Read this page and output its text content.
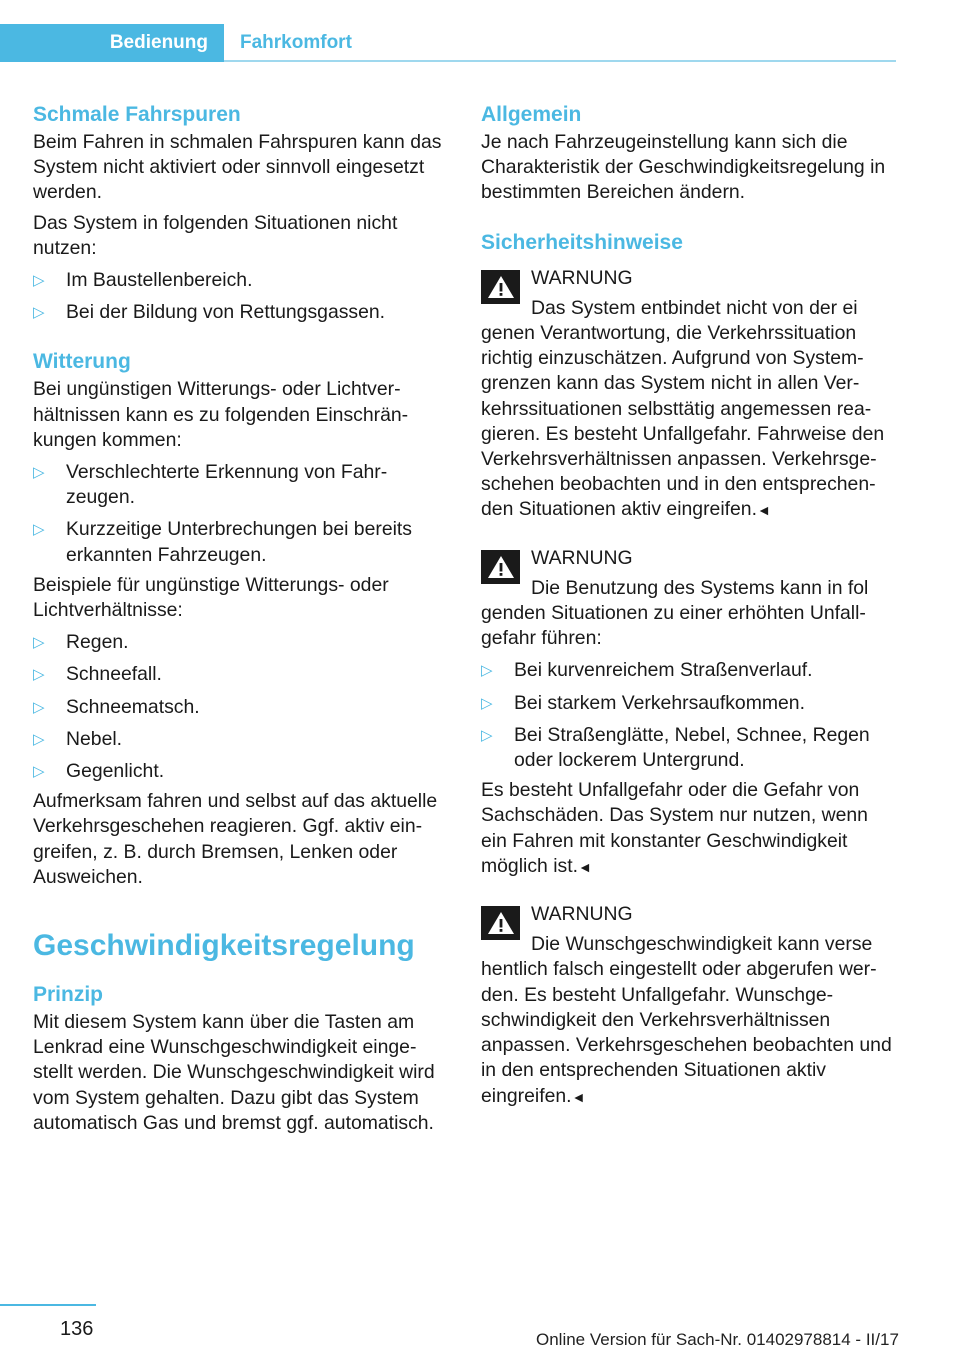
Bedienung Fahrkomfort
Schmale Fahrspuren

Beim Fahren in schmalen Fahrspuren kann das System nicht aktiviert oder sinnvoll eingesetzt werden.

Das System in folgenden Situationen nicht nutzen:

▷ Im Baustellenbereich.
▷ Bei der Bildung von Rettungsgassen.
Witterung

Bei ungünstigen Witterungs- oder Lichtverhältnissen kann es zu folgenden Einschränkungen kommen:

▷ Verschlechterte Erkennung von Fahrzeugen.
▷ Kurzzeitige Unterbrechungen bei bereits erkannten Fahrzeugen.

Beispiele für ungünstige Witterungs- oder Lichtverhältnisse:

▷ Regen.
▷ Schneefall.
▷ Schneematsch.
▷ Nebel.
▷ Gegenlicht.

Aufmerksam fahren und selbst auf das aktuelle Verkehrsgeschehen reagieren. Ggf. aktiv eingreifen, z. B. durch Bremsen, Lenken oder Ausweichen.

Geschwindigkeitsregelung
Prinzip

Mit diesem System kann über die Tasten am Lenkrad eine Wunschgeschwindigkeit eingestellt werden. Die Wunschgeschwindigkeit wird vom System gehalten. Dazu gibt das System automatisch Gas und bremst ggf. automatisch.

Allgemein

Je nach Fahrzeugeinstellung kann sich die Charakteristik der Geschwindigkeitsregelung in bestimmten Bereichen ändern.

Sicherheitshinweise
WARNUNG
Das System entbindet nicht von der ei
genen Verantwortung, die Verkehrssituation richtig einzuschätzen. Aufgrund von Systemgrenzen kann das System nicht in allen Verkehrssituationen selbsttätig angemessen reagieren. Es besteht Unfallgefahr. Fahrweise den Verkehrsverhältnissen anpassen. Verkehrsgeschehen beobachten und in den entsprechenden Situationen aktiv eingreifen.◄
WARNUNG
Die Benutzung des Systems kann in fol
genden Situationen zu einer erhöhten Unfallgefahr führen:
▷ Bei kurvenreichem Straßenverlauf.
▷ Bei starkem Verkehrsaufkommen.
▷ Bei Straßenglätte, Nebel, Schnee, Regen oder lockerem Untergrund.

Es besteht Unfallgefahr oder die Gefahr von Sachschäden. Das System nur nutzen, wenn ein Fahren mit konstanter Geschwindigkeit möglich ist.◄

WARNUNG
Die Wunschgeschwindigkeit kann verse
hentlich falsch eingestellt oder abgerufen werden. Es besteht Unfallgefahr. Wunschgeschwindigkeit den Verkehrsverhältnissen anpassen. Verkehrsgeschehen beobachten und in den entsprechenden Situationen aktiv eingreifen.◄
136	Online Version für Sach-Nr. 01402978814 - II/17
